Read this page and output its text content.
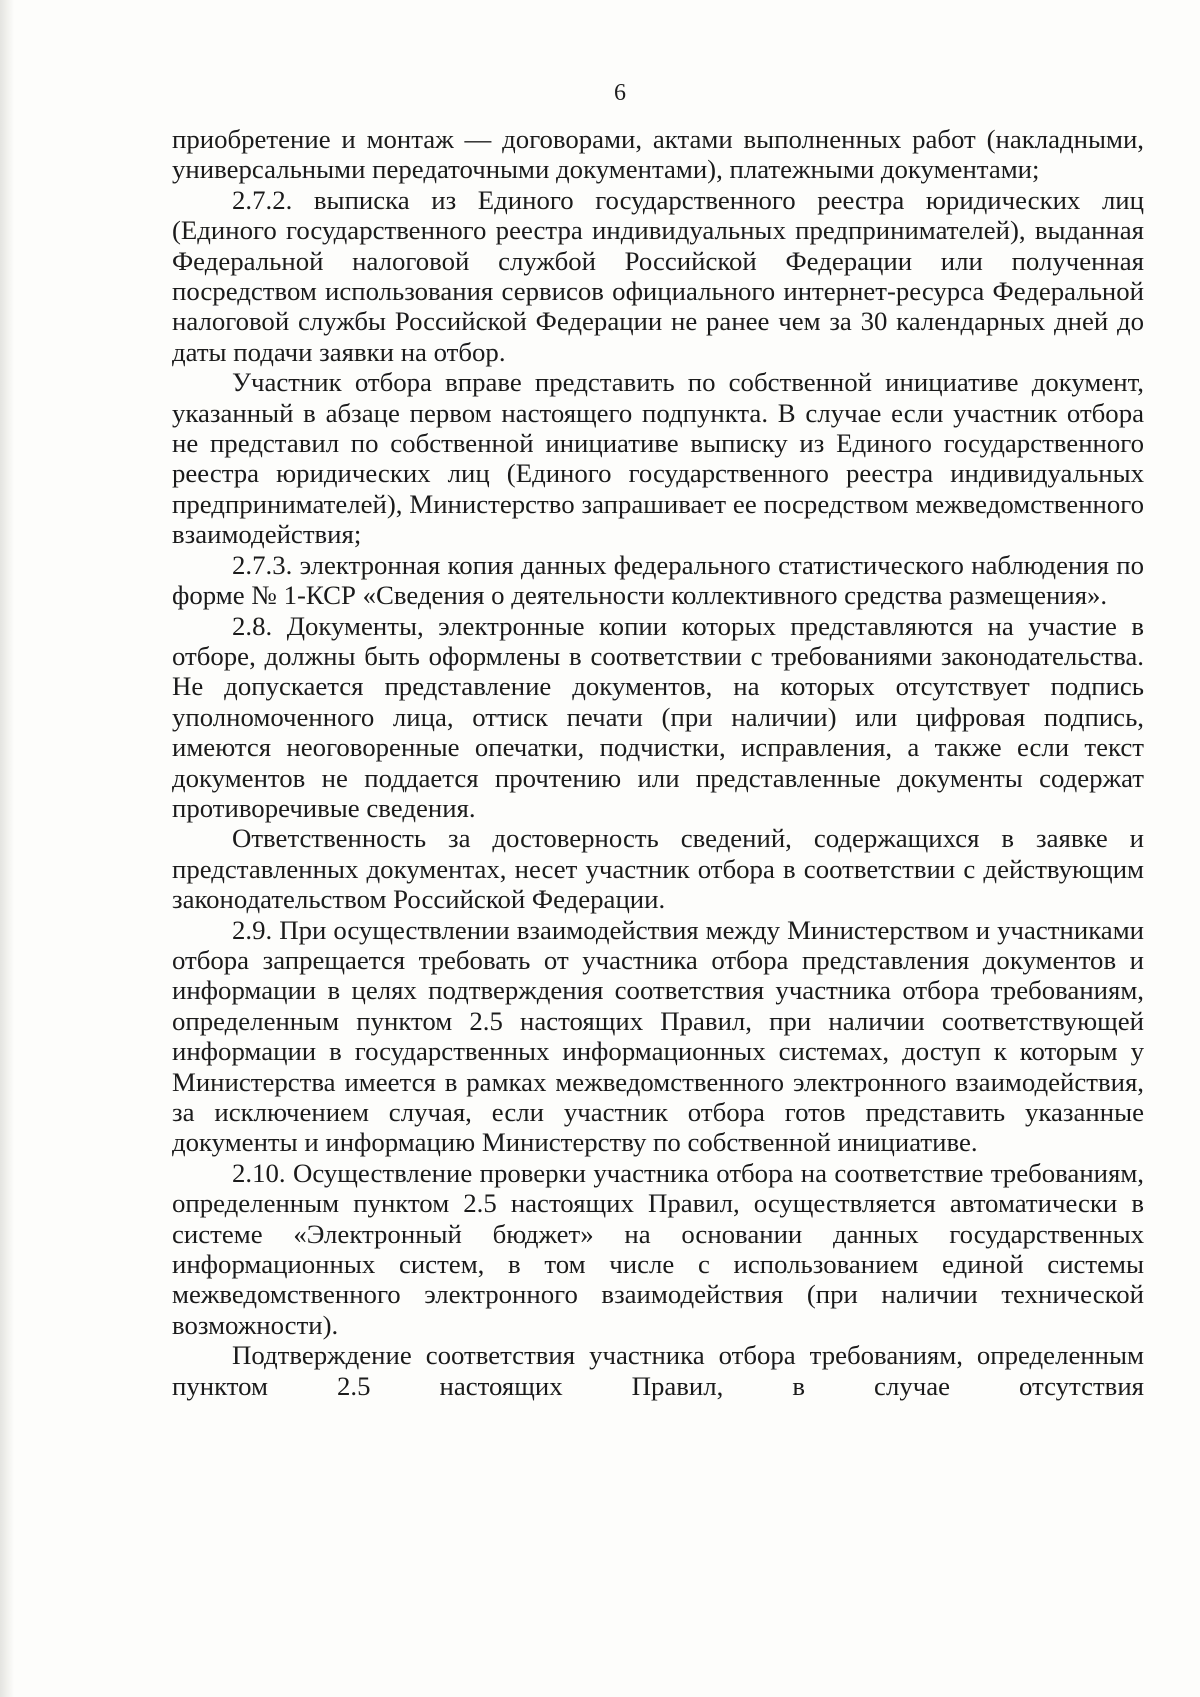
6

приобретение и монтаж — договорами, актами выполненных работ (накладными, универсальными передаточными документами), платежными документами;

2.7.2. выписка из Единого государственного реестра юридических лиц (Единого государственного реестра индивидуальных предпринимателей), выданная Федеральной налоговой службой Российской Федерации или полученная посредством использования сервисов официального интернет-ресурса Федеральной налоговой службы Российской Федерации не ранее чем за 30 календарных дней до даты подачи заявки на отбор.

Участник отбора вправе представить по собственной инициативе документ, указанный в абзаце первом настоящего подпункта. В случае если участник отбора не представил по собственной инициативе выписку из Единого государственного реестра юридических лиц (Единого государственного реестра индивидуальных предпринимателей), Министерство запрашивает ее посредством межведомственного взаимодействия;

2.7.3. электронная копия данных федерального статистического наблюдения по форме № 1-КСР «Сведения о деятельности коллективного средства размещения».

2.8. Документы, электронные копии которых представляются на участие в отборе, должны быть оформлены в соответствии с требованиями законодательства. Не допускается представление документов, на которых отсутствует подпись уполномоченного лица, оттиск печати (при наличии) или цифровая подпись, имеются неоговоренные опечатки, подчистки, исправления, а также если текст документов не поддается прочтению или представленные документы содержат противоречивые сведения.

Ответственность за достоверность сведений, содержащихся в заявке и представленных документах, несет участник отбора в соответствии с действующим законодательством Российской Федерации.

2.9. При осуществлении взаимодействия между Министерством и участниками отбора запрещается требовать от участника отбора представления документов и информации в целях подтверждения соответствия участника отбора требованиям, определенным пунктом 2.5 настоящих Правил, при наличии соответствующей информации в государственных информационных системах, доступ к которым у Министерства имеется в рамках межведомственного электронного взаимодействия, за исключением случая, если участник отбора готов представить указанные документы и информацию Министерству по собственной инициативе.

2.10. Осуществление проверки участника отбора на соответствие требованиям, определенным пунктом 2.5 настоящих Правил, осуществляется автоматически в системе «Электронный бюджет» на основании данных государственных информационных систем, в том числе с использованием единой системы межведомственного электронного взаимодействия (при наличии технической возможности).

Подтверждение соответствия участника отбора требованиям, определенным пунктом 2.5 настоящих Правил, в случае отсутствия
